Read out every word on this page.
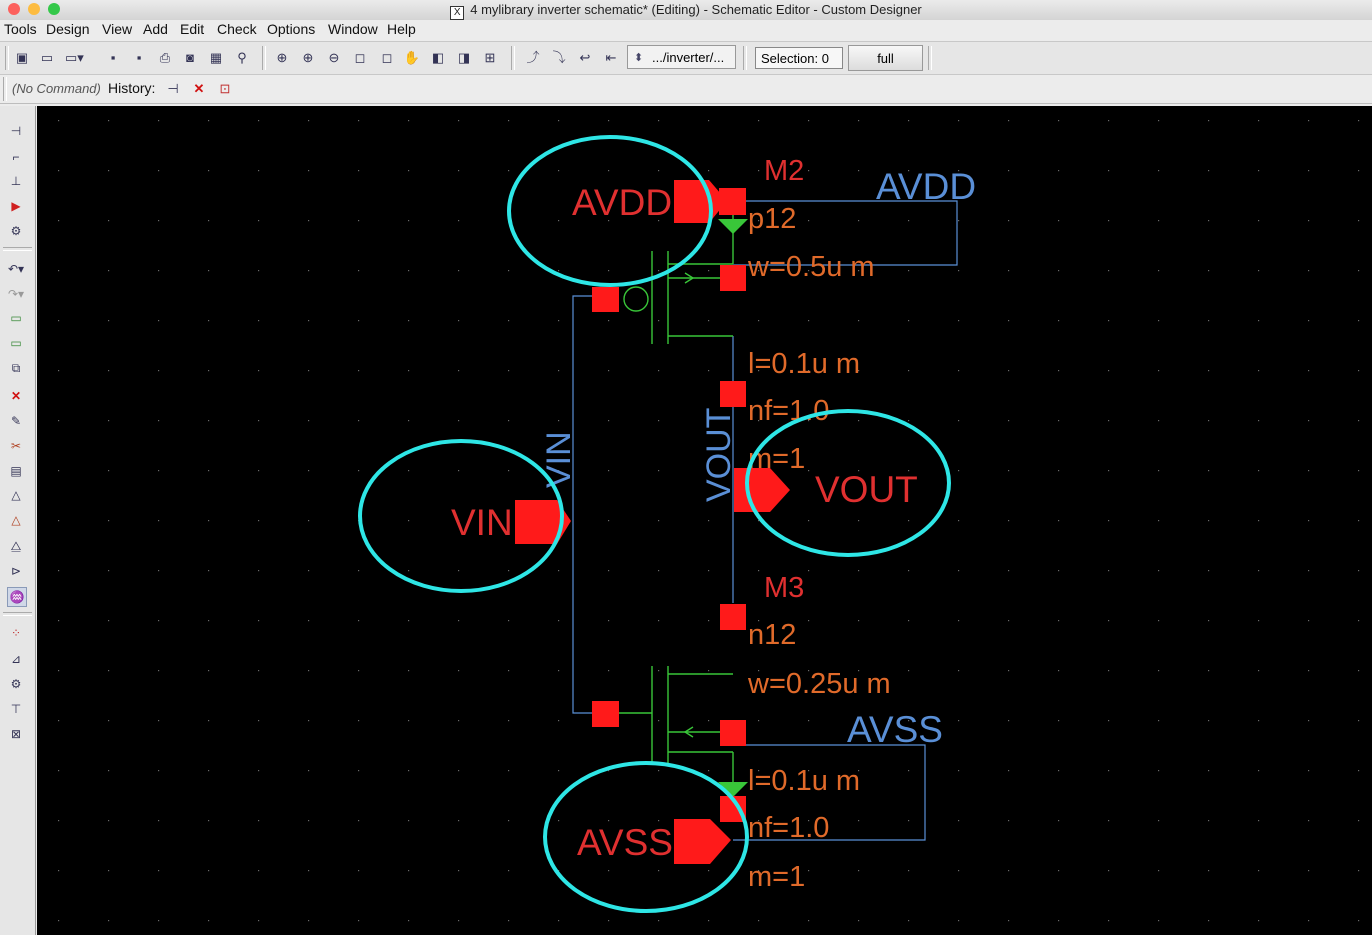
X 4 mylibrary inverter schematic* (Editing) - Schematic Editor - Custom Designer
Tools Design View Add Edit Check Options Window Help
▣ ▭ ▭▾	▪	▪	⎙	◙	▦	⚲	⊕ ⊕ ⊖ ◻ ◻ ✋ ◧ ◨ ⊞ ⤴ ⤵ ↩ ⇤	⬍ .../inverter/...	Selection: 0	full
(No Command) History: ⊣ ✕ ⊡
⊣
⌐
⊥
▶
⚙
↶▾
↷▾
▭
▭
⧉
✕
✎
✂
▤
△
△
⧋
⊳
♒
⁘
⊿
⚙
⊤
⊠
AVDD
VIN
VOUT
AVSS
AVDD
AVSS
VIN	VOUT
M2
p12
w=0.5u m
l=0.1u m
nf=1.0
m=1
M3
n12
w=0.25u m
l=0.1u m
nf=1.0
m=1
